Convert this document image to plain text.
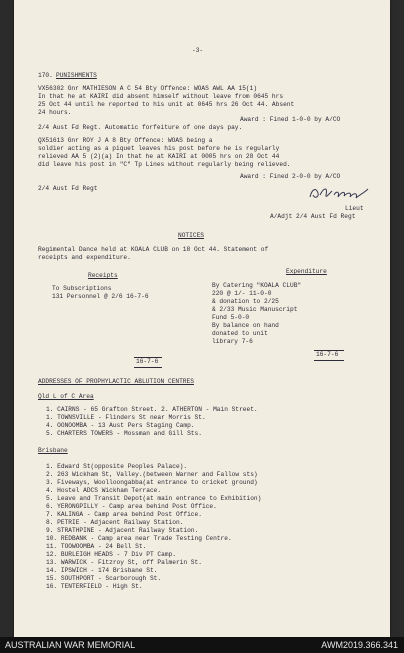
-3-
170. PUNISHMENTS
VX56302 Gnr MATHIESON A C 54 Bty Offence: WOAS AWL AA 15(1)
In that he at KAIRI did absent himself without leave from 0645 hrs
25 Oct 44 until he reported to his unit at 0645 hrs 26 Oct 44. Absent
24 hours.
Award : Fined 1-0-0 by A/CO
2/4 Aust Fd Regt. Automatic forfeiture of one days pay.
QX51613 Gnr ROY J A 8 Bty Offence: WOAS being a
soldier acting as a piquet leaves his post before he is regularly
relieved AA 5 (2)(a) In that he at KAIRI at 0005 hrs on 28 Oct 44
did leave his post in "C" Tp Lines without regularly being relieved.
Award : Fined 2-0-0 by A/CO
2/4 Aust Fd Regt
Lieut
A/Adjt 2/4 Aust Fd Regt
NOTICES
Regimental Dance held at KOALA CLUB on 18 Oct 44. Statement of
receipts and expenditure.
Receipts
To Subscriptions
131 Personnel @ 2/6 16-7-6
16-7-6
Expenditure
By Catering "KOALA CLUB"
220 @ 1/- 11-0-0
& donation to 2/25
& 2/33 Music Manuscript
Fund 5-0-0
By balance on hand
donated to unit
library 7-6
16-7-6
ADDRESSES OF PROPHYLACTIC ABLUTION CENTRES
Qld L of C Area
1. CAIRNS - 65 Grafton Street. 2. ATHERTON - Main Street.
1. TOWNSVILLE - Flinders St near Morris St.
4. OONOOMBA - 13 Aust Pers Staging Camp.
5. CHARTERS TOWERS - Mossman and Gill Sts.
Brisbane
1. Edward St(opposite Peoples Palace).
2. 263 Wickham St, Valley.(between Warner and Fallow sts)
3. Fiveways, Woolloongabba(at entrance to cricket ground)
4. Hostel ADCS Wickham Terrace.
5. Leave and Transit Depot(at main entrance to Exhibition)
6. YERONGPILLY - Camp area behind Post Office.
7. KALINGA - Camp area behind Post Office.
8. PETRIE - Adjacent Railway Station.
9. STRATHPINE - Adjacent Railway Station.
10. REDBANK - Camp area near Trade Testing Centre.
11. TOOWOOMBA - 24 Bell St.
12. BURLEIGH HEADS - 7 Div PT Camp.
13. WARWICK - Fitzroy St, off Palmerin St.
14. IPSWICH - 174 Brisbane St.
15. SOUTHPORT - Scarborough St.
16. TENTERFIELD - High St.
AUSTRALIAN WAR MEMORIAL	AWM2019.366.341
